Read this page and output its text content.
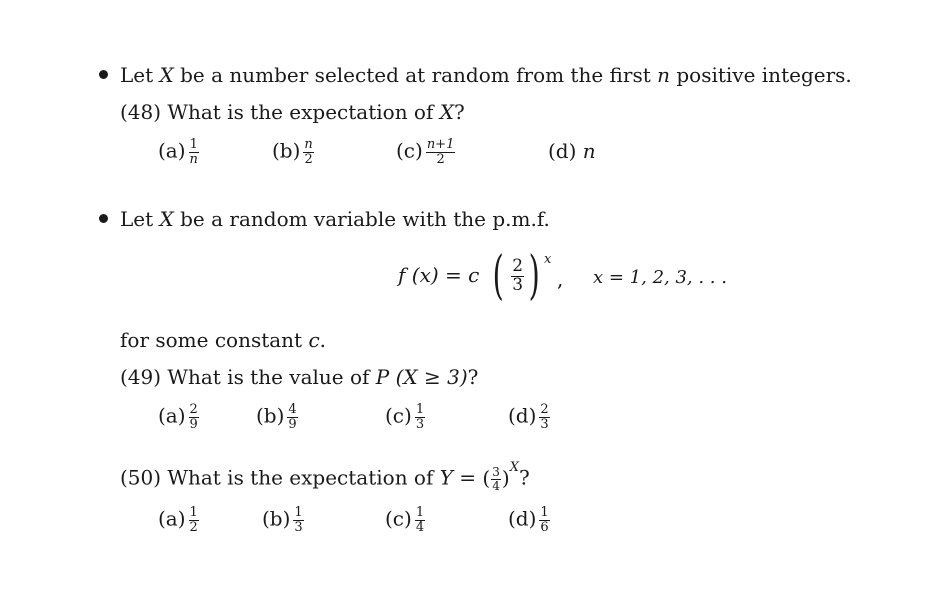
Let X be a number selected at random from the first n positive integers.
(48) What is the expectation of X?
$(a) \frac{1}{n}$	$(b) \frac{n}{2}$	$(c) \frac{n+1}{2}$	(d) n
Let X be a random variable with the p.m.f.
f (x) = c ( $\frac{2}{3}$ ) x
, x = 1, 2, 3, . . .
for some constant c.
(49) What is the value of P (X ≥ 3)?
$(a) \frac{2}{9}$	$(b) \frac{4}{9}$	$(c) \frac{1}{3}$	$(d) \frac{2}{3}$
(50) What is the expectation of Y = ( $\frac{3}{4} )^X$?
$(a) \frac{1}{2}$	$(b) \frac{1}{3}$	$(c) \frac{1}{4}$	$(d) \frac{1}{6}$
